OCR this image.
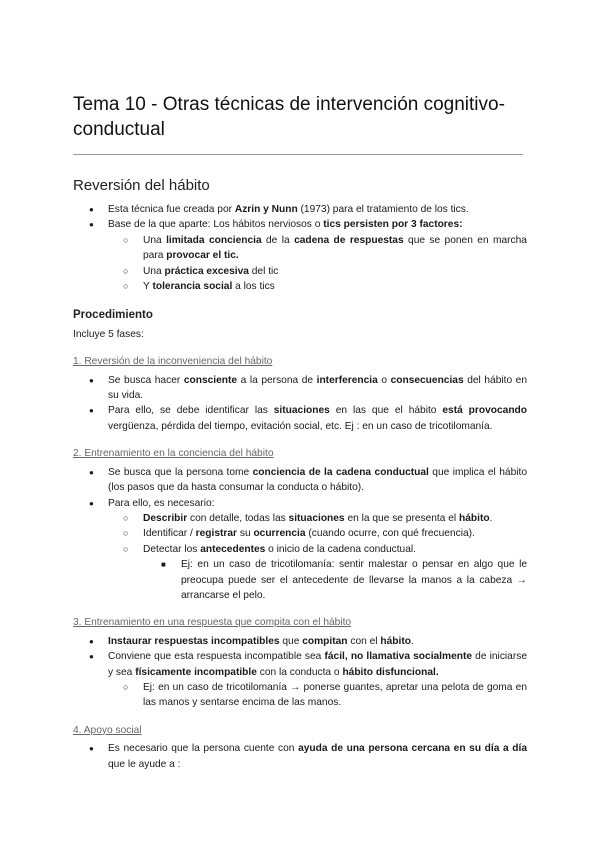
Tema 10 - Otras técnicas de intervención cognitivo-conductual
Reversión del hábito
● Esta técnica fue creada por Azrin y Nunn (1973) para el tratamiento de los tics.
● Base de la que aparte: Los hábitos nerviosos o tics persisten por 3 factores:
○ Una limitada conciencia de la cadena de respuestas que se ponen en marcha para provocar el tic.
○ Una práctica excesiva del tic
○ Y tolerancia social a los tics
Procedimiento
Incluye 5 fases:
1. Reversión de la inconveniencia del hábito
● Se busca hacer consciente a la persona de interferencia o consecuencias del hábito en su vida.
● Para ello, se debe identificar las situaciones en las que el hábito está provocando vergüenza, pérdida del tiempo, evitación social, etc. Ej : en un caso de tricotilomanía.
2. Entrenamiento en la conciencia del hábito
● Se busca que la persona tome conciencia de la cadena conductual que implica el hábito (los pasos que da hasta consumar la conducta o hábito).
● Para ello, es necesario:
○ Describir con detalle, todas las situaciones en la que se presenta el hábito.
○ Identificar / registrar su ocurrencia (cuando ocurre, con qué frecuencia).
○ Detectar los antecedentes o inicio de la cadena conductual.
■ Ej: en un caso de tricotilomanía: sentir malestar o pensar en algo que le preocupa puede ser el antecedente de llevarse la manos a la cabeza → arrancarse el pelo.
3. Entrenamiento en una respuesta que compita con el hábito
● Instaurar respuestas incompatibles que compitan con el hábito.
● Conviene que esta respuesta incompatible sea fácil, no llamativa socialmente de iniciarse y sea físicamente incompatible con la conducta o hábito disfuncional.
○ Ej: en un caso de tricotilomanía → ponerse guantes, apretar una pelota de goma en las manos y sentarse encima de las manos.
4. Apoyo social
● Es necesario que la persona cuente con ayuda de una persona cercana en su día a día que le ayude a :
